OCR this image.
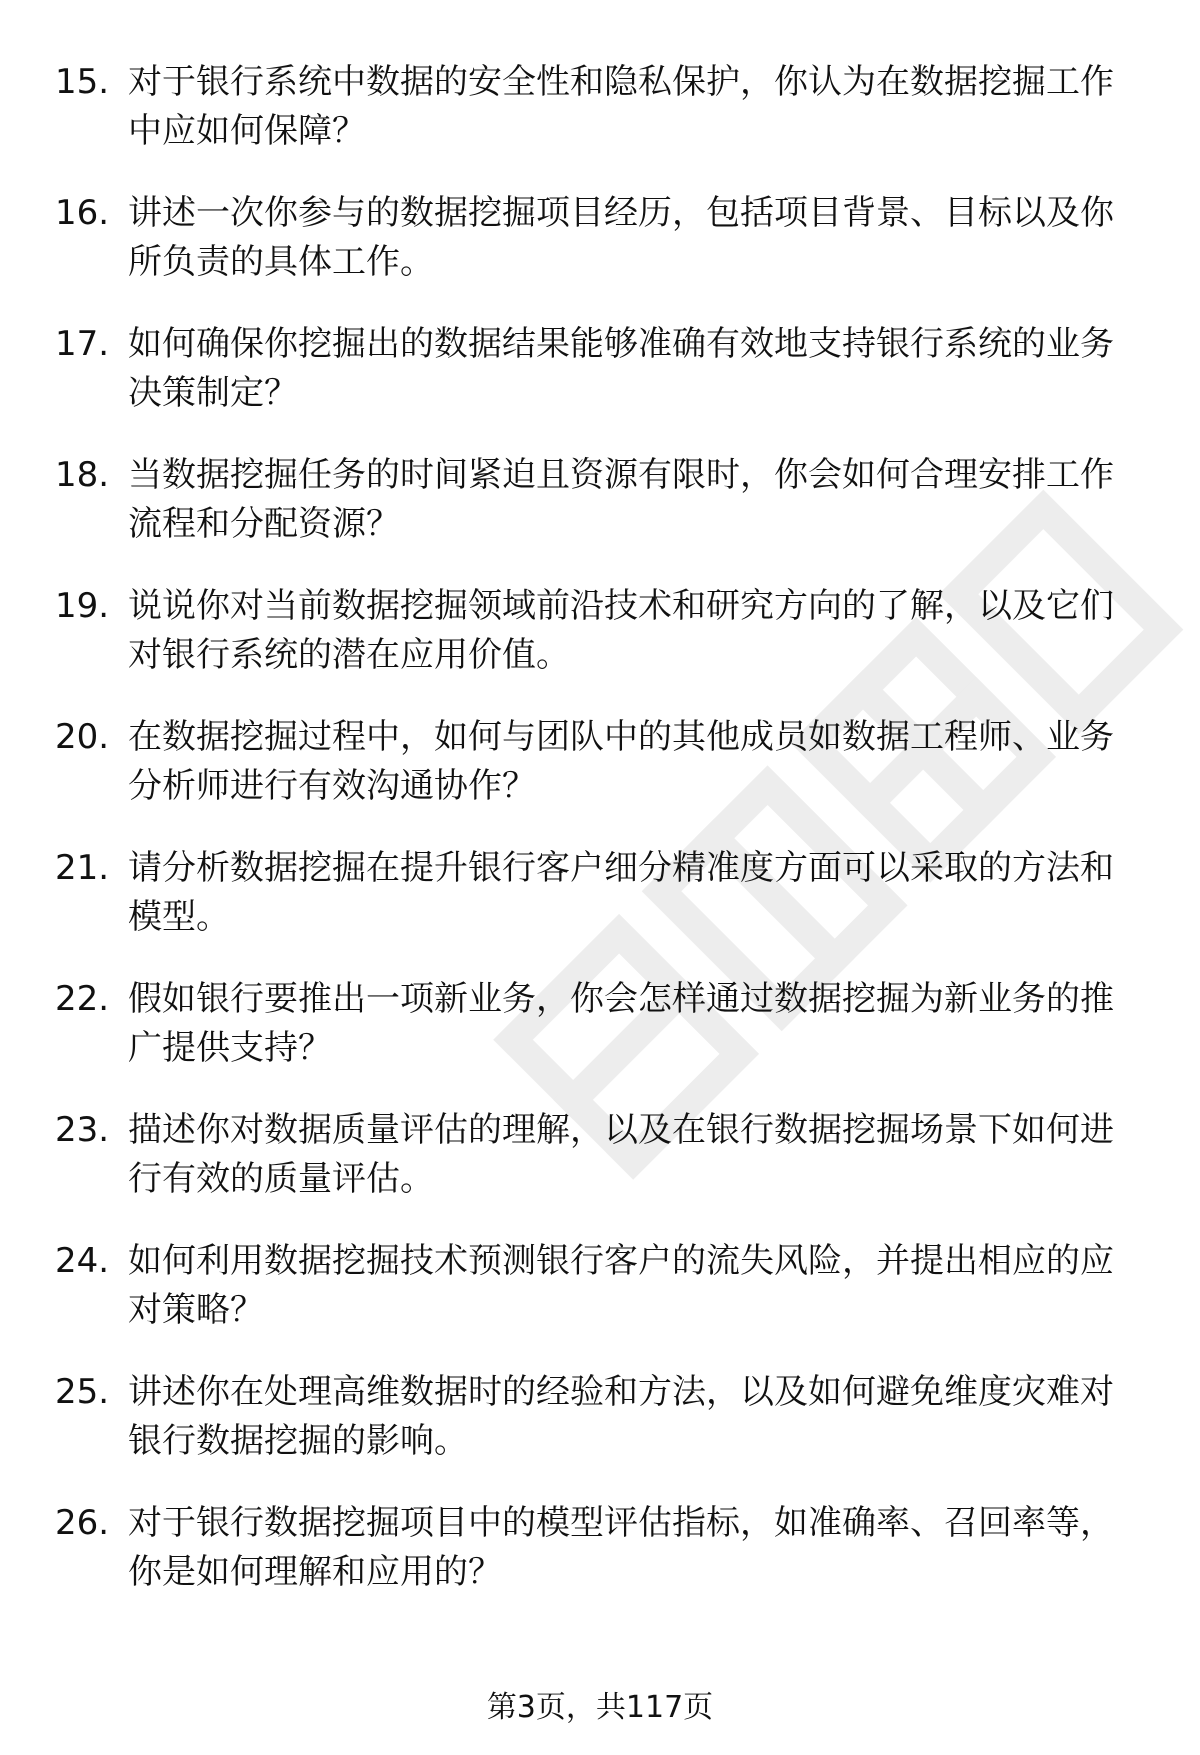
15. 对于银行系统中数据的安全性和隐私保护，你认为在数据挖掘工作中应如何保障？
16. 讲述一次你参与的数据挖掘项目经历，包括项目背景、目标以及你所负责的具体工作。
17. 如何确保你挖掘出的数据结果能够准确有效地支持银行系统的业务决策制定？
18. 当数据挖掘任务的时间紧迫且资源有限时，你会如何合理安排工作流程和分配资源？
19. 说说你对当前数据挖掘领域前沿技术和研究方向的了解，以及它们对银行系统的潜在应用价值。
20. 在数据挖掘过程中，如何与团队中的其他成员如数据工程师、业务分析师进行有效沟通协作？
21. 请分析数据挖掘在提升银行客户细分精准度方面可以采取的方法和模型。
22. 假如银行要推出一项新业务，你会怎样通过数据挖掘为新业务的推广提供支持？
23. 描述你对数据质量评估的理解，以及在银行数据挖掘场景下如何进行有效的质量评估。
24. 如何利用数据挖掘技术预测银行客户的流失风险，并提出相应的应对策略？
25. 讲述你在处理高维数据时的经验和方法，以及如何避免维度灾难对银行数据挖掘的影响。
26. 对于银行数据挖掘项目中的模型评估指标，如准确率、召回率等，你是如何理解和应用的？
第3页，共117页
